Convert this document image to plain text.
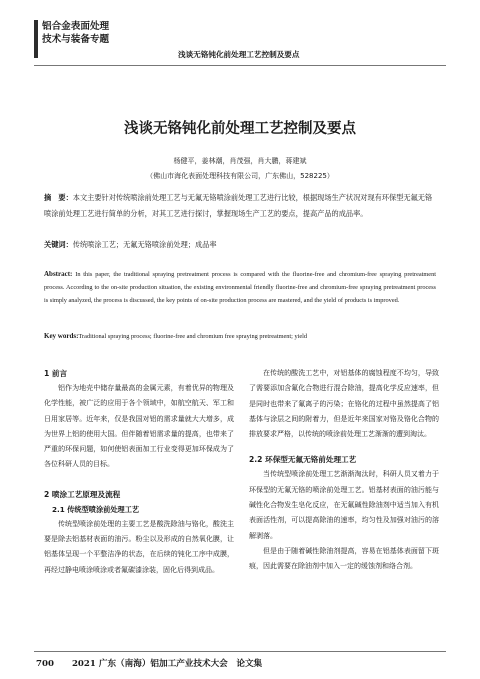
铝合金表面处理
技术与装备专题
浅谈无铬钝化前处理工艺控制及要点
浅谈无铬钝化前处理工艺控制及要点
杨健平，姜林潮，肖茂强，肖大鹏，蒋建斌
（佛山市海化表面处理科技有限公司，广东佛山，528225）
摘　要：本文主要针对传统喷涂前处理工艺与无氟无铬喷涂前处理工艺进行比较，根据现场生产状况对现有环保型无氟无铬喷涂前处理工艺进行简单的分析，对其工艺进行探讨，掌握现场生产工艺的要点，提高产品的成品率。
关键词：传统喷涂工艺；无氟无铬喷涂前处理；成品率
Abstract: In this paper, the traditional spraying pretreatment process is compared with the fluorine-free and chromium-free spraying pretreatment process. According to the on-site production situation, the existing environmental friendly fluorine-free and chromium-free spraying pretreatment process is simply analyzed, the process is discussed, the key points of on-site production process are mastered, and the yield of products is improved.
Key words:Traditional spraying process; fluorine-free and chromium free spraying pretreatment; yield
1 前言

铝作为地壳中储存量最高的金属元素，有着优异的物理及化学性能，被广泛的应用于各个领域中，如航空航天、军工和日用家居等。近年来，仅是我国对铝的需求量就大大增多，成为世界上铝的使用大国。但伴随着铝需求量的提高，也带来了严重的环保问题，如何使铝表面加工行业变得更加环保成为了各位科研人员的目标。

2 喷涂工艺原理及流程
2.1 传统型喷涂前处理工艺

传统型喷涂前处理的主要工艺是酸洗除油与铬化，酸洗主要是除去铝基材表面的油污。粉尘以及形成的自然氧化膜，让铝基体呈现一个平整洁净的状态，在后续的钝化工序中成膜，再经过静电喷涂喷涂或者氟碳漆涂装，固化后得到成品。

在传统的酸洗工艺中，对铝基体的腐蚀程度不均匀，导致了需要添加含氟化合物进行混合除油，提高化学反应速率，但是同时也带来了氟离子的污染；在铬化的过程中虽然提高了铝基体与涂层之间的附着力，但是近年来国家对铬及铬化合物的排放要求严格，以传统的喷涂前处理工艺渐渐的遭到淘汰。

2.2 环保型无氟无铬前处理工艺

当传统型喷涂前处理工艺渐渐淘汰时，科研人员又着力于环保型的无氟无铬的喷涂前处理工艺。铝基材表面的油污能与碱性化合物发生皂化反应，在无氟碱性除油剂中适当加入有机表面活性剂，可以提高除油的速率，均匀性及加强对油污的溶解剥落。

但是由于随着碱性除油剂提高，容易在铝基体表面留下斑痕，因此需要在除油剂中加入一定的缓蚀剂和络合剂。

700 2021 广东（南海）铝加工产业技术大会　论文集
